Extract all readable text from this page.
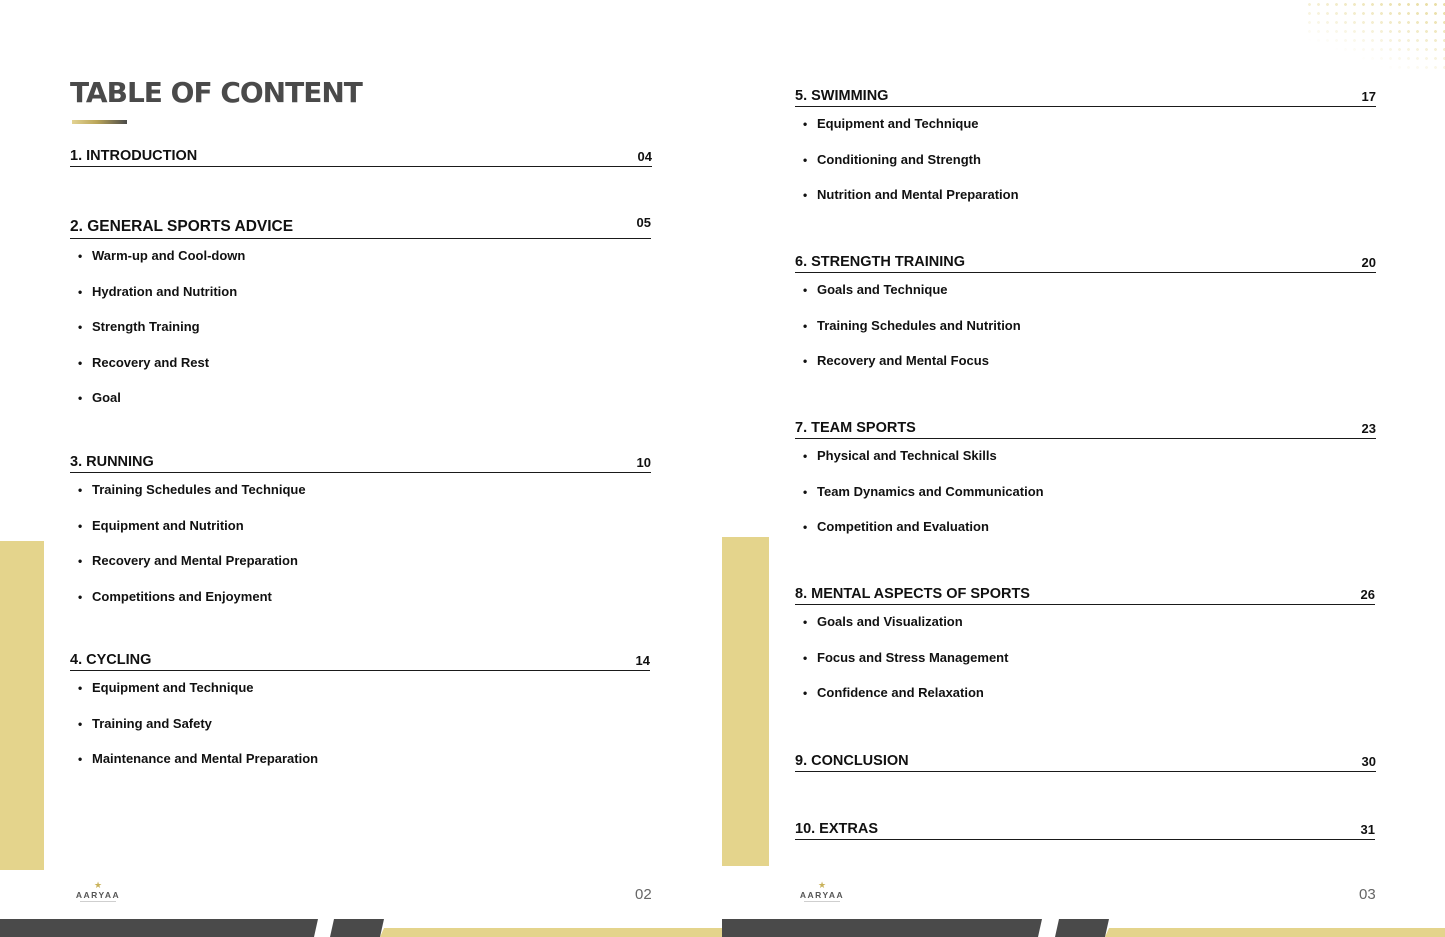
TABLE OF CONTENT
1. INTRODUCTION	04
2. GENERAL SPORTS ADVICE	05
• Warm-up and Cool-down
• Hydration and Nutrition
• Strength Training
• Recovery and Rest
• Goal
3. RUNNING	10
• Training Schedules and Technique
• Equipment and Nutrition
• Recovery and Mental Preparation
• Competitions and Enjoyment
4. CYCLING	14
• Equipment and Technique
• Training and Safety
• Maintenance and Mental Preparation
★
AARYAA	02
5. SWIMMING	17
• Equipment and Technique
• Conditioning and Strength
• Nutrition and Mental Preparation
6. STRENGTH TRAINING	20
• Goals and Technique
• Training Schedules and Nutrition
• Recovery and Mental Focus
7. TEAM SPORTS	23
• Physical and Technical Skills
• Team Dynamics and Communication
• Competition and Evaluation
8. MENTAL ASPECTS OF SPORTS	26
• Goals and Visualization
• Focus and Stress Management
• Confidence and Relaxation
9. CONCLUSION	30
10. EXTRAS	31
★
AARYAA	03
